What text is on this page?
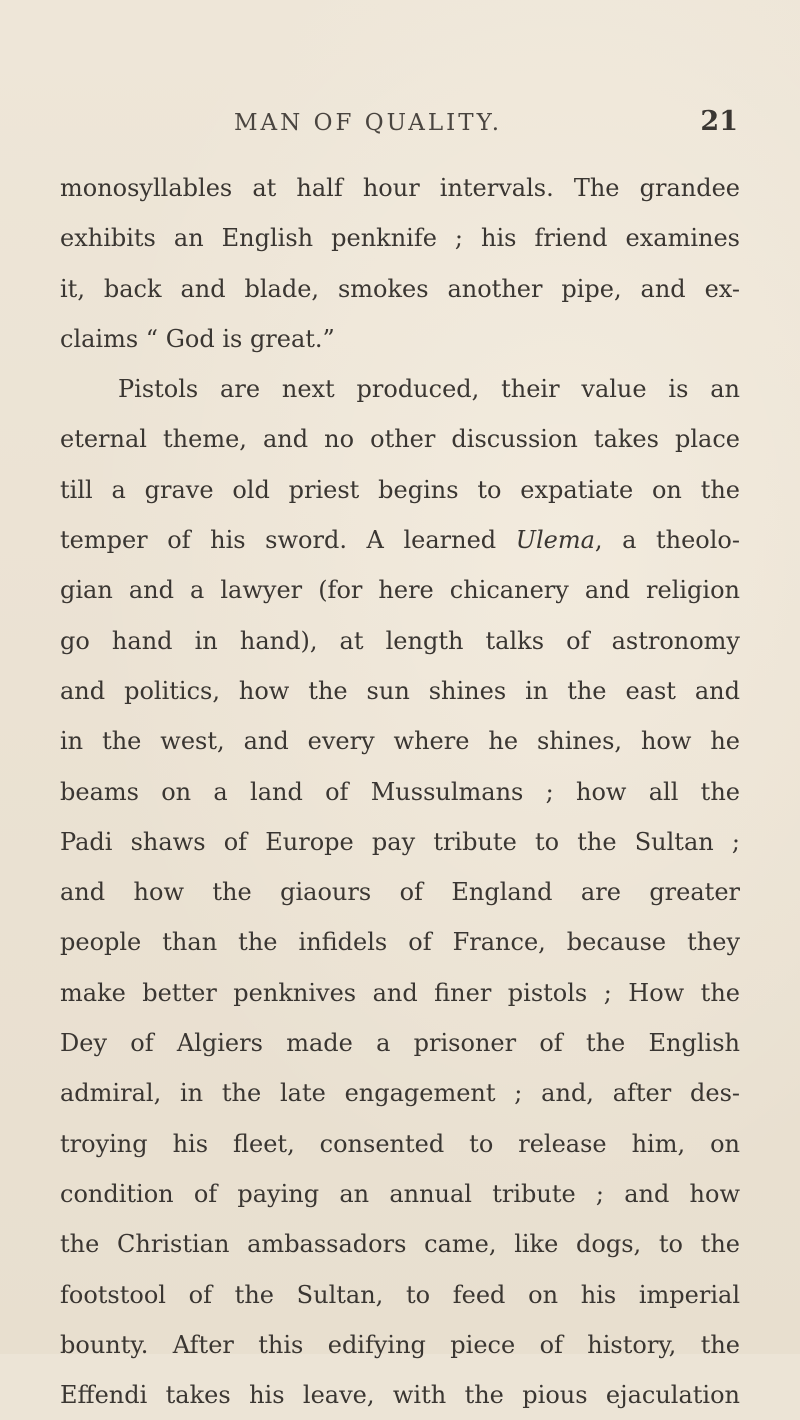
MAN OF QUALITY.	21
monosyllables at half hour intervals. The grandee
exhibits an English penknife ; his friend examines
it, back and blade, smokes another pipe, and ex-
claims “ God is great.”
Pistols are next produced, their value is an
eternal theme, and no other discussion takes place
till a grave old priest begins to expatiate on the
temper of his sword. A learned Ulema, a theolo-
gian and a lawyer (for here chicanery and religion
go hand in hand), at length talks of astronomy
and politics, how the sun shines in the east and
in the west, and every where he shines, how he
beams on a land of Mussulmans ; how all the
Padi shaws of Europe pay tribute to the Sultan ;
and how the giaours of England are greater
people than the infidels of France, because they
make better penknives and finer pistols ; How the
Dey of Algiers made a prisoner of the English
admiral, in the late engagement ; and, after des-
troying his fleet, consented to release him, on
condition of paying an annual tribute ; and how
the Christian ambassadors came, like dogs, to the
footstool of the Sultan, to feed on his imperial
bounty. After this edifying piece of history, the
Effendi takes his leave, with the pious ejaculation
